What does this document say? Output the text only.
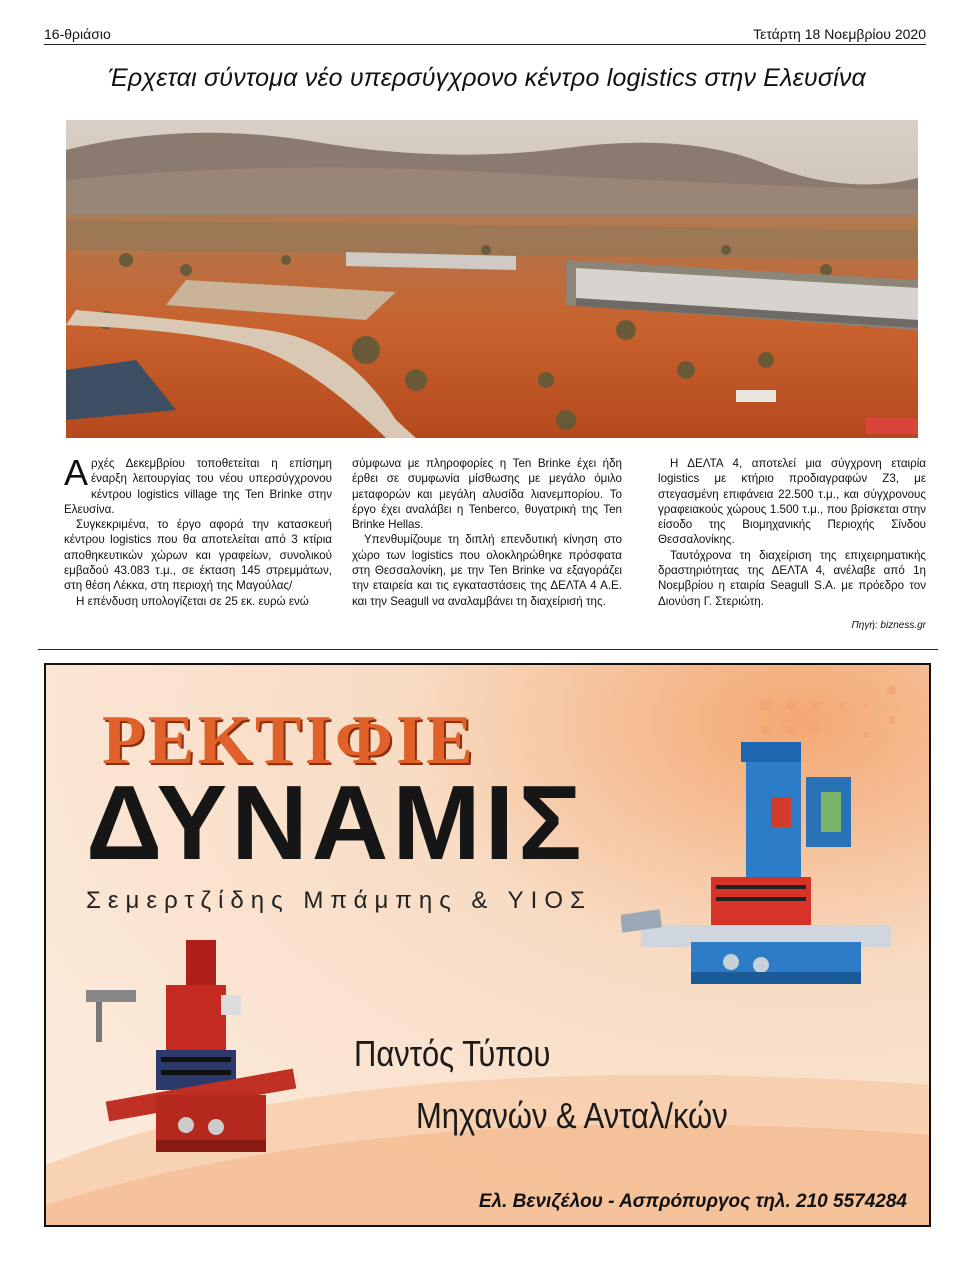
16-θριάσιο	Τετάρτη 18 Νοεμβρίου 2020
Έρχεται σύντομα νέο υπερσύγχρονο κέντρο logistics στην Ελευσίνα

Αρχές Δεκεμβρίου τοποθετείται η επίσημη έναρξη λειτουργίας του νέου υπερσύγχρονου κέντρου logistics village της Ten Brinke στην Ελευσίνα.

Συγκεκριμένα, το έργο αφορά την κατασκευή κέντρου logistics που θα αποτελείται από 3 κτίρια αποθηκευτικών χώρων και γραφείων, συνολικού εμβαδού 43.083 τ.μ., σε έκταση 145 στρεμμάτων, στη θέση Λέκκα, στη περιοχή της Μαγούλας/

Η επένδυση υπολογίζεται σε 25 εκ. ευρώ ενώ

σύμφωνα με πληροφορίες η Ten Brinke έχει ήδη έρθει σε συμφωνία μίσθωσης με μεγάλο όμιλο μεταφορών και μεγάλη αλυσίδα λιανεμπορίου. Το έργο έχει αναλάβει η Tenberco, θυγατρική της Ten Brinke Hellas.

Υπενθυμίζουμε τη διπλή επενδυτική κίνηση στο χώρο των logistics που ολοκληρώθηκε πρόσφατα στη Θεσσαλονίκη, με την Ten Brinke να εξαγοράζει την εταιρεία και τις εγκαταστάσεις της ΔΕΛΤΑ 4 Α.Ε. και την Seagull να αναλαμβάνει τη διαχείρισή της.

Η ΔΕΛΤΑ 4, αποτελεί μια σύγχρονη εταιρία logistics με κτήριο προδιαγραφών Ζ3, με στεγασμένη επιφάνεια 22.500 τ.μ., και σύγχρονους γραφειακούς χώρους 1.500 τ.μ., που βρίσκεται στην είσοδο της Βιομηχανικής Περιοχής Σίνδου Θεσσαλονίκης.

Ταυτόχρονα τη διαχείριση της επιχειρηματικής δραστηριότητας της ΔΕΛΤΑ 4, ανέλαβε από 1η Νοεμβρίου η εταιρία Seagull S.A. με πρόεδρο τον Διονύση Γ. Στεριώτη.

Πηγή: bizness.gr
ΡΕΚΤΙΦΙΕ
ΔΥΝΑΜΙΣ
Σεμερτζίδης Μπάμπης & ΥΙΟΣ
Παντός Τύπου
Μηχανών & Ανταλ/κών
Ελ. Βενιζέλου - Ασπρόπυργος τηλ. 210 5574284
